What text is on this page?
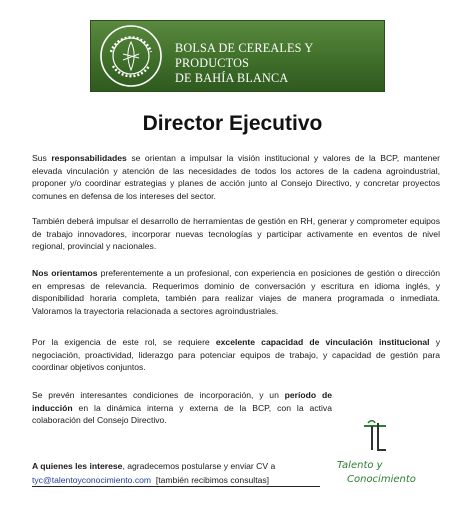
BOLSA DE CEREALES Y PRODUCTOS
DE BAHÍA BLANCA
Director Ejecutivo

Sus responsabilidades se orientan a impulsar la visión institucional y valores de la BCP, mantener elevada vinculación y atención de las necesidades de todos los actores de la cadena agroindustrial, proponer y/o coordinar estrategias y planes de acción junto al Consejo Directivo, y concretar proyectos comunes en defensa de los intereses del sector.

También deberá impulsar el desarrollo de herramientas de gestión en RH, generar y comprometer equipos de trabajo innovadores, incorporar nuevas tecnologías y participar activamente en eventos de nivel regional, provincial y nacionales.

Nos orientamos preferentemente a un profesional, con experiencia en posiciones de gestión o dirección en empresas de relevancia. Requerimos dominio de conversación y escritura en idioma inglés, y disponibilidad horaria completa, también para realizar viajes de manera programada o inmediata. Valoramos la trayectoria relacionada a sectores agroindustriales.

Por la exigencia de este rol, se requiere excelente capacidad de vinculación institucional y negociación, proactividad, liderazgo para potenciar equipos de trabajo, y capacidad de gestión para coordinar objetivos conjuntos.

Se prevén interesantes condiciones de incorporación, y un período de inducción en la dinámica interna y externa de la BCP, con la activa colaboración del Consejo Directivo.

A quienes les interese, agradecemos postularse y enviar CV a
tyc@talentoyconocimiento.com [también recibimos consultas]
Talento y
Conocimiento
